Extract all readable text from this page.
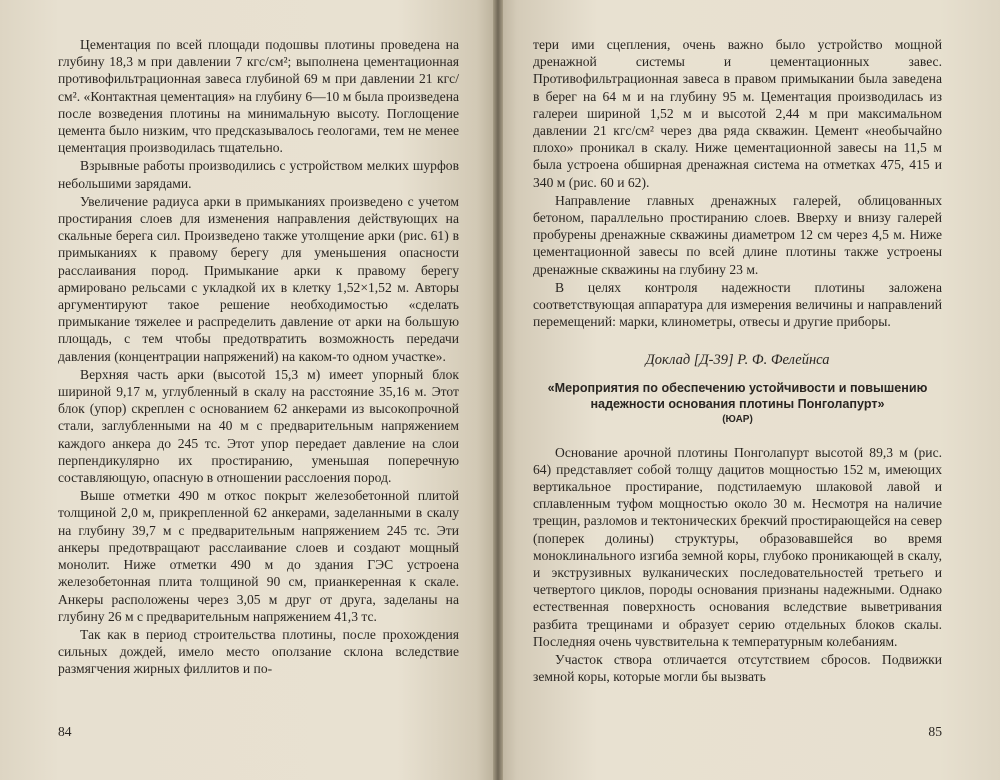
Цементация по всей площади подошвы плотины проведена на глубину 18,3 м при давлении 7 кгс/см²; выполнена цементационная противофильтрационная завеса глубиной 69 м при давлении 21 кгс/см². «Контактная цементация» на глубину 6—10 м была произведена после возведения плотины на минимальную высоту. Поглощение цемента было низким, что предсказывалось геологами, тем не менее цементация производилась тщательно.

Взрывные работы производились с устройством мелких шурфов небольшими зарядами.

Увеличение радиуса арки в примыканиях произведено с учетом простирания слоев для изменения направления действующих на скальные берега сил. Произведено также утолщение арки (рис. 61) в примыканиях к правому берегу для уменьшения опасности расслаивания пород. Примыкание арки к правому берегу армировано рельсами с укладкой их в клетку 1,52×1,52 м. Авторы аргументируют такое решение необходимостью «сделать примыкание тяжелее и распределить давление от арки на большую площадь, с тем чтобы предотвратить возможность передачи давления (концентрации напряжений) на каком-то одном участке».

Верхняя часть арки (высотой 15,3 м) имеет упорный блок шириной 9,17 м, углубленный в скалу на расстояние 35,16 м. Этот блок (упор) скреплен с основанием 62 анкерами из высокопрочной стали, заглубленными на 40 м с предварительным напряжением каждого анкера до 245 тс. Этот упор передает давление на слои перпендикулярно их простиранию, уменьшая поперечную составляющую, опасную в отношении расслоения пород.

Выше отметки 490 м откос покрыт железобетонной плитой толщиной 2,0 м, прикрепленной 62 анкерами, заделанными в скалу на глубину 39,7 м с предварительным напряжением 245 тс. Эти анкеры предотвращают расслаивание слоев и создают мощный монолит. Ниже отметки 490 м до здания ГЭС устроена железобетонная плита толщиной 90 см, прианкеренная к скале. Анкеры расположены через 3,05 м друг от друга, заделаны на глубину 26 м с предварительным напряжением 41,3 тс.

Так как в период строительства плотины, после прохождения сильных дождей, имело место оползание склона вследствие размягчения жирных филлитов и по-

84

тери ими сцепления, очень важно было устройство мощной дренажной системы и цементационных завес. Противофильтрационная завеса в правом примыкании была заведена в берег на 64 м и на глубину 95 м. Цементация производилась из галереи шириной 1,52 м и высотой 2,44 м при максимальном давлении 21 кгс/см² через два ряда скважин. Цемент «необычайно плохо» проникал в скалу. Ниже цементационной завесы на 11,5 м была устроена обширная дренажная система на отметках 475, 415 и 340 м (рис. 60 и 62).

Направление главных дренажных галерей, облицованных бетоном, параллельно простиранию слоев. Вверху и внизу галерей пробурены дренажные скважины диаметром 12 см через 4,5 м. Ниже цементационной завесы по всей длине плотины также устроены дренажные скважины на глубину 23 м.

В целях контроля надежности плотины заложена соответствующая аппаратура для измерения величины и направлений перемещений: марки, клинометры, отвесы и другие приборы.

Доклад [Д-39] Р. Ф. Фелейнса
«Мероприятия по обеспечению устойчивости и повышению надежности основания плотины Понголапурт»
(ЮАР)

Основание арочной плотины Понголапурт высотой 89,3 м (рис. 64) представляет собой толщу дацитов мощностью 152 м, имеющих вертикальное простирание, подстилаемую шлаковой лавой и сплавленным туфом мощностью около 30 м. Несмотря на наличие трещин, разломов и тектонических брекчий простирающейся на север (поперек долины) структуры, образовавшейся во время моноклинального изгиба земной коры, глубоко проникающей в скалу, и экструзивных вулканических последовательностей третьего и четвертого циклов, породы основания признаны надежными. Однако естественная поверхность основания вследствие выветривания разбита трещинами и образует серию отдельных блоков скалы. Последняя очень чувствительна к температурным колебаниям.

Участок створа отличается отсутствием сбросов. Подвижки земной коры, которые могли бы вызвать

85
